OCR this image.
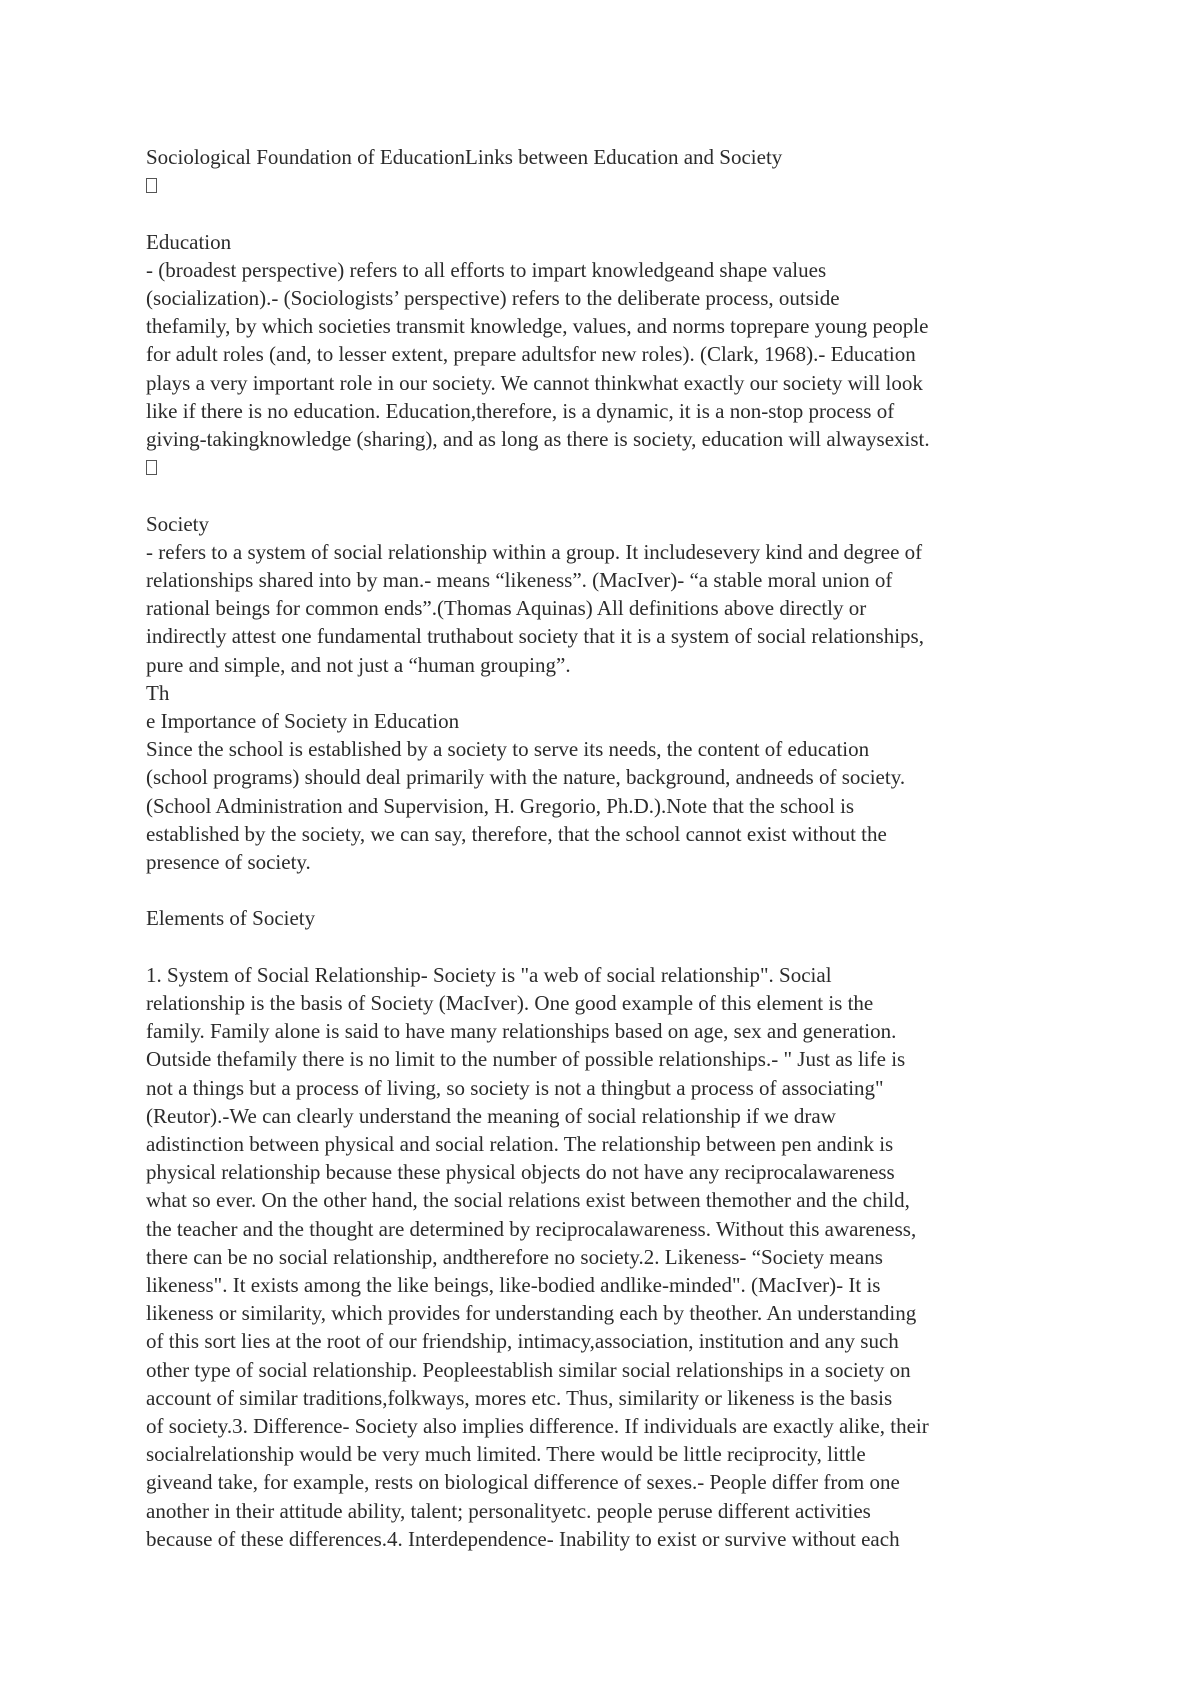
Sociological Foundation of EducationLinks between Education and Society
Education
- (broadest perspective) refers to all efforts to impart knowledgeand shape values
(socialization).- (Sociologists’ perspective) refers to the deliberate process, outside
thefamily, by which societies transmit knowledge, values, and norms toprepare young people
for adult roles (and, to lesser extent, prepare adultsfor new roles). (Clark, 1968).- Education
plays a very important role in our society. We cannot thinkwhat exactly our society will look
like if there is no education. Education,therefore, is a dynamic, it is a non-stop process of
giving-takingknowledge (sharing), and as long as there is society, education will alwaysexist.
Society
- refers to a system of social relationship within a group. It includesevery kind and degree of
relationships shared into by man.- means “likeness”. (MacIver)- “a stable moral union of
rational beings for common ends”.(Thomas Aquinas) All definitions above directly or
indirectly attest one fundamental truthabout society that it is a system of social relationships,
pure and simple, and not just a “human grouping”.
Th
e Importance of Society in Education
Since the school is established by a society to serve its needs, the content of education
(school programs) should deal primarily with the nature, background, andneeds of society.
(School Administration and Supervision, H. Gregorio, Ph.D.).Note that the school is
established by the society, we can say, therefore, that the school cannot exist without the
presence of society.
Elements of Society
1. System of Social Relationship- Society is "a web of social relationship". Social
relationship is the basis of Society (MacIver). One good example of this element is the
family. Family alone is said to have many relationships based on age, sex and generation.
Outside thefamily there is no limit to the number of possible relationships.- " Just as life is
not a things but a process of living, so society is not a thingbut a process of associating"
(Reutor).-We can clearly understand the meaning of social relationship if we draw
adistinction between physical and social relation. The relationship between pen andink is
physical relationship because these physical objects do not have any reciprocalawareness
what so ever. On the other hand, the social relations exist between themother and the child,
the teacher and the thought are determined by reciprocalawareness. Without this awareness,
there can be no social relationship, andtherefore no society.2. Likeness- “Society means
likeness". It exists among the like beings, like-bodied andlike-minded". (MacIver)- It is
likeness or similarity, which provides for understanding each by theother. An understanding
of this sort lies at the root of our friendship, intimacy,association, institution and any such
other type of social relationship. Peopleestablish similar social relationships in a society on
account of similar traditions,folkways, mores etc. Thus, similarity or likeness is the basis
of society.3. Difference- Society also implies difference. If individuals are exactly alike, their
socialrelationship would be very much limited. There would be little reciprocity, little
giveand take, for example, rests on biological difference of sexes.- People differ from one
another in their attitude ability, talent; personalityetc. people peruse different activities
because of these differences.4. Interdependence- Inability to exist or survive without each
